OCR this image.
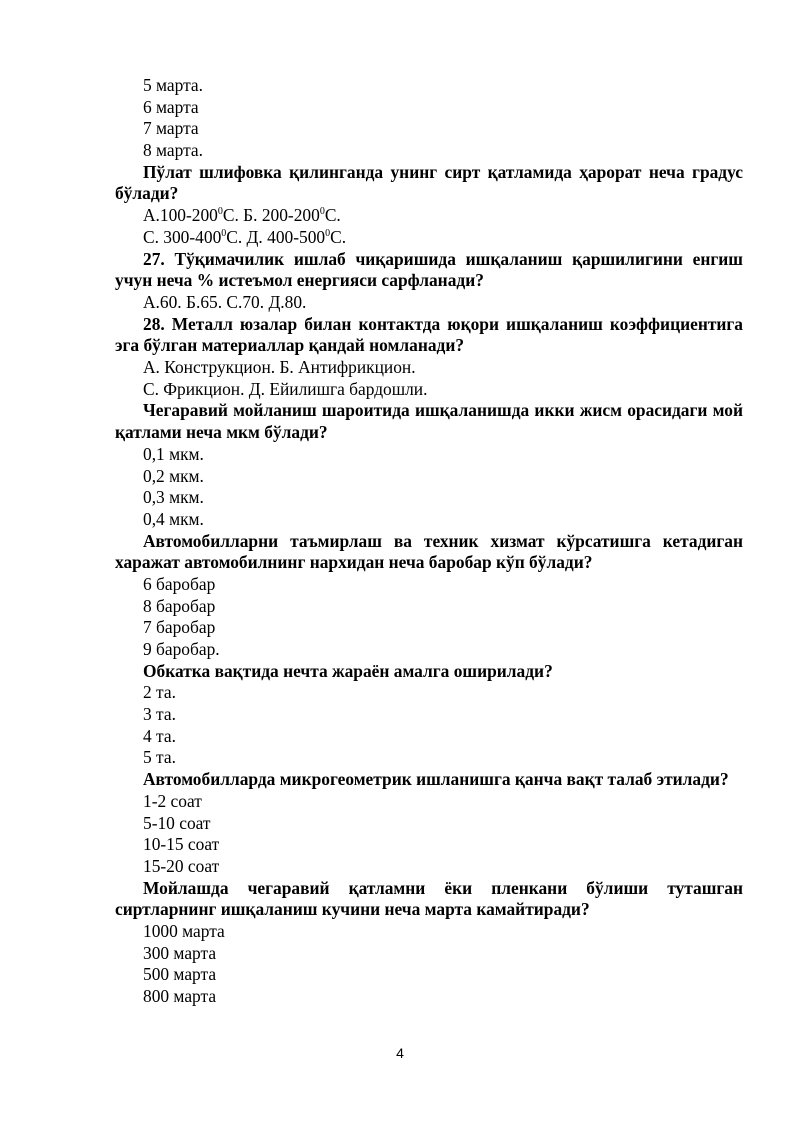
5 марта.
6 марта
7 марта
8 марта.
Пўлат шлифовка қилинганда унинг сирт қатламида ҳарорат неча градус бўлади?
$А.100-200^0С$. Б. $200-200^0С$.
С. $300-400^0С$. Д. $400-500^0С$.
27. Тўқимачилик ишлаб чиқаришида ишқаланиш қаршилигини енгиш учун неча % истеъмол енергияси сарфланади?
А.60. Б.65. С.70. Д.80.
28. Металл юзалар билан контактда юқори ишқаланиш коэффициентига эга бўлган материаллар қандай номланади?
А. Конструкцион. Б. Антифрикцион.
С. Фрикцион. Д. Ейилишга бардошли.
Чегаравий мойланиш шароитида ишқаланишда икки жисм орасидаги мой қатлами неча мкм бўлади?
0,1 мкм.
0,2 мкм.
0,3 мкм.
0,4 мкм.
Автомобилларни таъмирлаш ва техник хизмат кўрсатишга кетадиган харажат автомобилнинг нархидан неча баробар кўп бўлади?
6 баробар
8 баробар
7 баробар
9 баробар.
Обкатка вақтида нечта жараён амалга оширилади?
2 та.
3 та.
4 та.
5 та.
Автомобилларда микрогеометрик ишланишга қанча вақт талаб этилади?
1-2 соат
5-10 соат
10-15 соат
15-20 соат
Мойлашда чегаравий қатламни ёки пленкани бўлиши туташган сиртларнинг ишқаланиш кучини неча марта камайтиради?
1000 марта
300 марта
500 марта
800 марта
4
